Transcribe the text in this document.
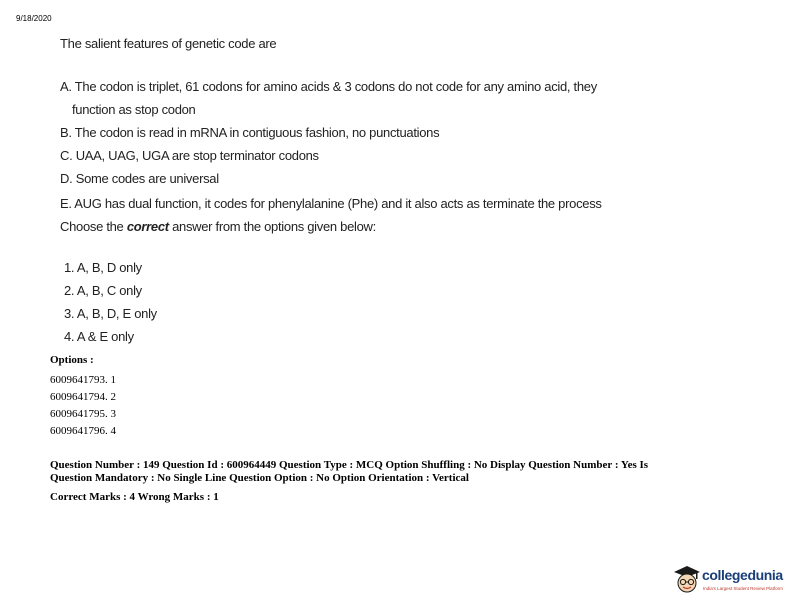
9/18/2020
The salient features of genetic code are
A. The codon is triplet, 61 codons for amino acids & 3 codons do not code for any amino acid, they
function as stop codon
B. The codon is read in mRNA in contiguous fashion, no punctuations
C. UAA, UAG, UGA are stop terminator codons
D. Some codes are universal
E. AUG has dual function, it codes for phenylalanine (Phe) and it also acts as terminate the process
Choose the correct answer from the options given below:
1. A, B, D only
2. A, B, C only
3. A, B, D, E only
4. A & E only
Options :
6009641793. 1
6009641794. 2
6009641795. 3
6009641796. 4
Question Number : 149 Question Id : 600964449 Question Type : MCQ Option Shuffling : No Display Question Number : Yes Is
Question Mandatory : No Single Line Question Option : No Option Orientation : Vertical
Correct Marks : 4 Wrong Marks : 1
collegedunia
India's Largest Student Review Platform
